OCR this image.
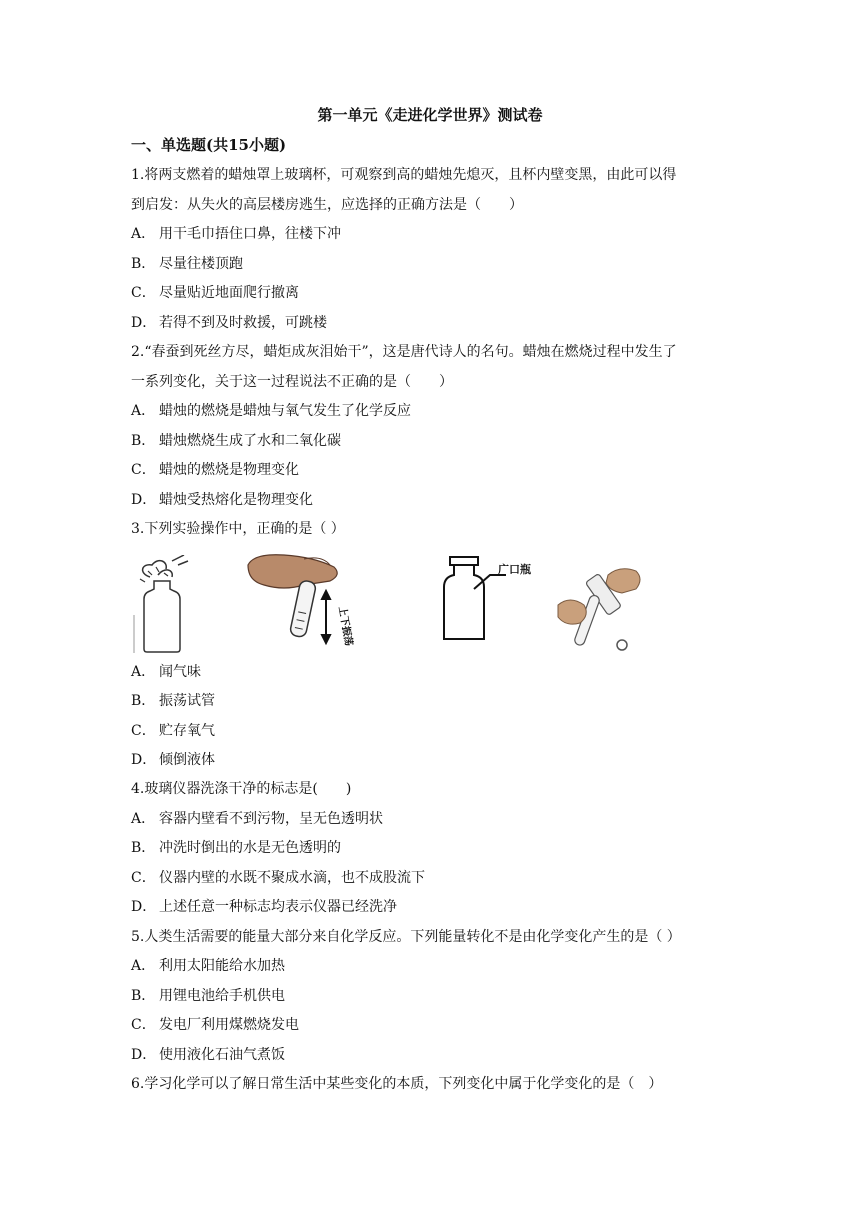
第一单元《走进化学世界》测试卷
一、单选题(共15小题)
1.将两支燃着的蜡烛罩上玻璃杯，可观察到高的蜡烛先熄灭，且杯内壁变黑，由此可以得
到启发：从失火的高层楼房逃生，应选择的正确方法是（　　）
A． 用干毛巾捂住口鼻，往楼下冲
B． 尽量往楼顶跑
C． 尽量贴近地面爬行撤离
D． 若得不到及时救援，可跳楼
2.“春蚕到死丝方尽，蜡炬成灰泪始干”，这是唐代诗人的名句。蜡烛在燃烧过程中发生了
一系列变化，关于这一过程说法不正确的是（　　）
A． 蜡烛的燃烧是蜡烛与氧气发生了化学反应
B． 蜡烛燃烧生成了水和二氧化碳
C． 蜡烛的燃烧是物理变化
D． 蜡烛受热熔化是物理变化
3.下列实验操作中，正确的是（ ）
上下振荡
广口瓶
A． 闻气味
B． 振荡试管
C． 贮存氧气
D． 倾倒液体
4.玻璃仪器洗涤干净的标志是(　　)
A． 容器内壁看不到污物，呈无色透明状
B． 冲洗时倒出的水是无色透明的
C． 仪器内壁的水既不聚成水滴，也不成股流下
D． 上述任意一种标志均表示仪器已经洗净
5.人类生活需要的能量大部分来自化学反应。下列能量转化不是由化学变化产生的是（ ）
A． 利用太阳能给水加热
B． 用锂电池给手机供电
C． 发电厂利用煤燃烧发电
D． 使用液化石油气煮饭
6.学习化学可以了解日常生活中某些变化的本质，下列变化中属于化学变化的是（　）
